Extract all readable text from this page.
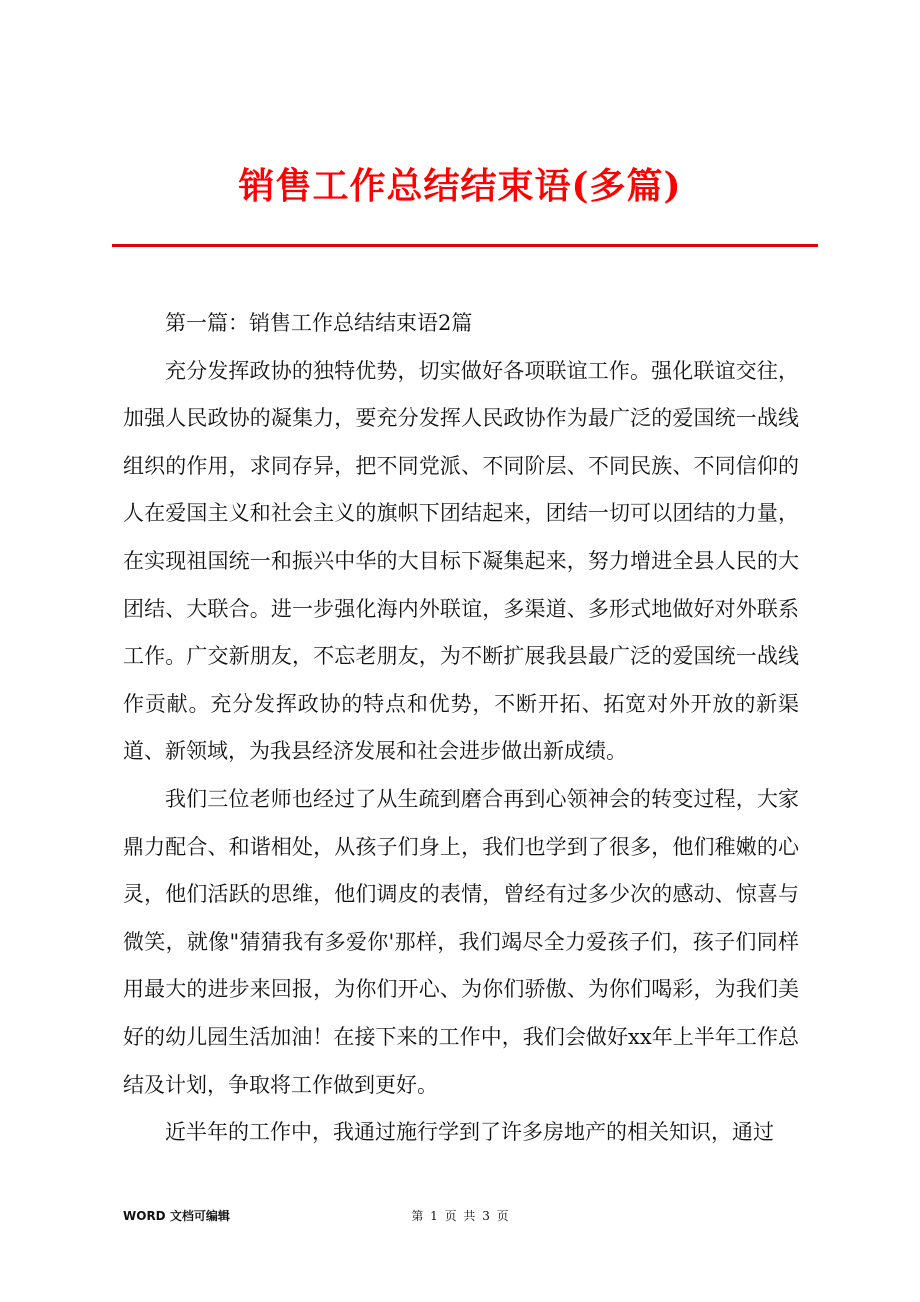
销售工作总结结束语(多篇)

第一篇：销售工作总结结束语2篇

充分发挥政协的独特优势，切实做好各项联谊工作。强化联谊交往，加强人民政协的凝集力，要充分发挥人民政协作为最广泛的爱国统一战线组织的作用，求同存异，把不同党派、不同阶层、不同民族、不同信仰的人在爱国主义和社会主义的旗帜下团结起来，团结一切可以团结的力量，在实现祖国统一和振兴中华的大目标下凝集起来，努力增进全县人民的大团结、大联合。进一步强化海内外联谊，多渠道、多形式地做好对外联系工作。广交新朋友，不忘老朋友，为不断扩展我县最广泛的爱国统一战线作贡献。充分发挥政协的特点和优势，不断开拓、拓宽对外开放的新渠道、新领域，为我县经济发展和社会进步做出新成绩。

我们三位老师也经过了从生疏到磨合再到心领神会的转变过程，大家鼎力配合、和谐相处，从孩子们身上，我们也学到了很多，他们稚嫩的心灵，他们活跃的思维，他们调皮的表情，曾经有过多少次的感动、惊喜与微笑，就像"猜猜我有多爱你'那样，我们竭尽全力爱孩子们，孩子们同样用最大的进步来回报，为你们开心、为你们骄傲、为你们喝彩，为我们美好的幼儿园生活加油！在接下来的工作中，我们会做好xx年上半年工作总结及计划，争取将工作做到更好。

近半年的工作中，我通过施行学到了许多房地产的相关知识，通过

WORD 文档可编辑	第 1 页 共 3 页
